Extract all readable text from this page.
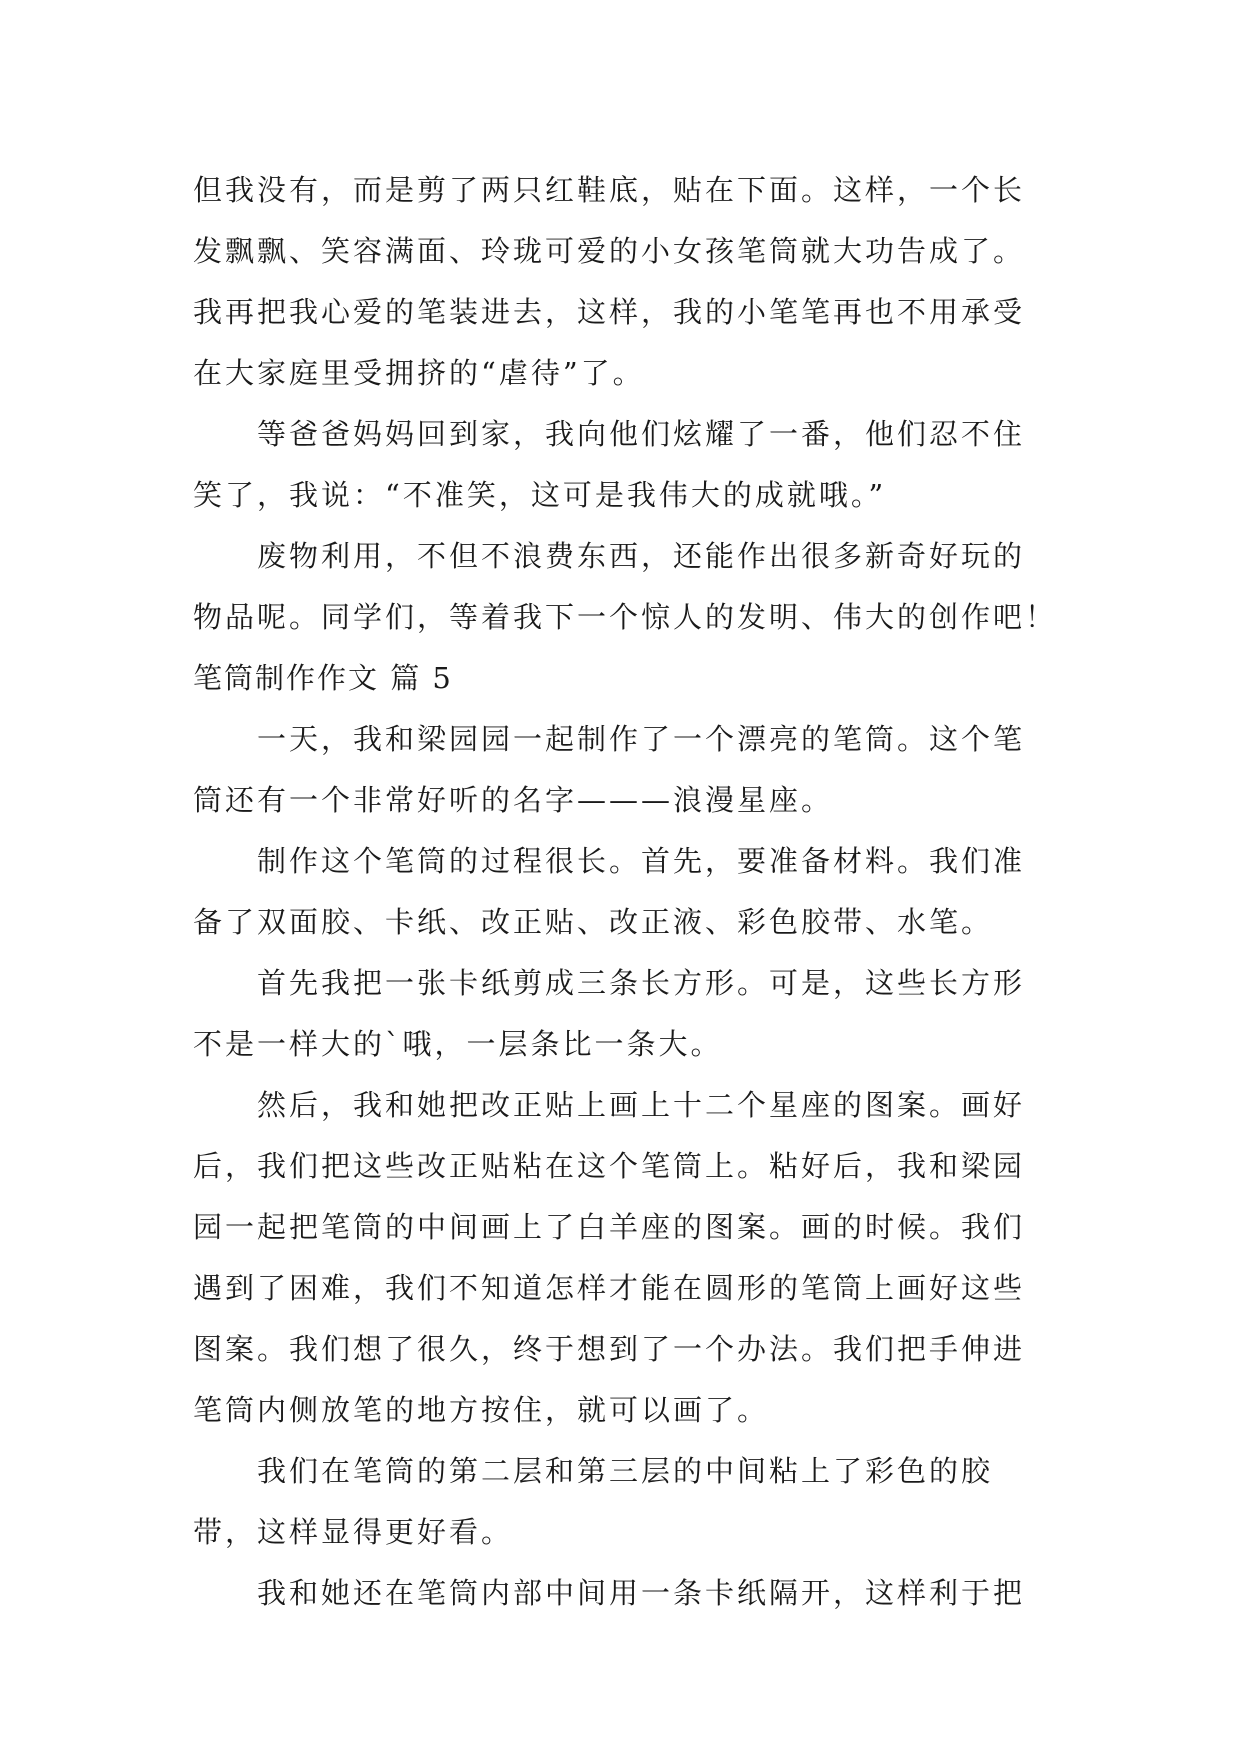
但我没有，而是剪了两只红鞋底，贴在下面。这样，一个长
发飘飘、笑容满面、玲珑可爱的小女孩笔筒就大功告成了。
我再把我心爱的笔装进去，这样，我的小笔笔再也不用承受
在大家庭里受拥挤的“虐待”了。
等爸爸妈妈回到家，我向他们炫耀了一番，他们忍不住
笑了，我说：“不准笑，这可是我伟大的成就哦。”
废物利用，不但不浪费东西，还能作出很多新奇好玩的
物品呢。同学们，等着我下一个惊人的发明、伟大的创作吧！
笔筒制作作文 篇 5
一天，我和梁园园一起制作了一个漂亮的笔筒。这个笔
筒还有一个非常好听的名字———浪漫星座。
制作这个笔筒的过程很长。首先，要准备材料。我们准
备了双面胶、卡纸、改正贴、改正液、彩色胶带、水笔。
首先我把一张卡纸剪成三条长方形。可是，这些长方形
不是一样大的`哦，一层条比一条大。
然后，我和她把改正贴上画上十二个星座的图案。画好
后，我们把这些改正贴粘在这个笔筒上。粘好后，我和梁园
园一起把笔筒的中间画上了白羊座的图案。画的时候。我们
遇到了困难，我们不知道怎样才能在圆形的笔筒上画好这些
图案。我们想了很久，终于想到了一个办法。我们把手伸进
笔筒内侧放笔的地方按住，就可以画了。
我们在笔筒的第二层和第三层的中间粘上了彩色的胶
带，这样显得更好看。
我和她还在笔筒内部中间用一条卡纸隔开，这样利于把
